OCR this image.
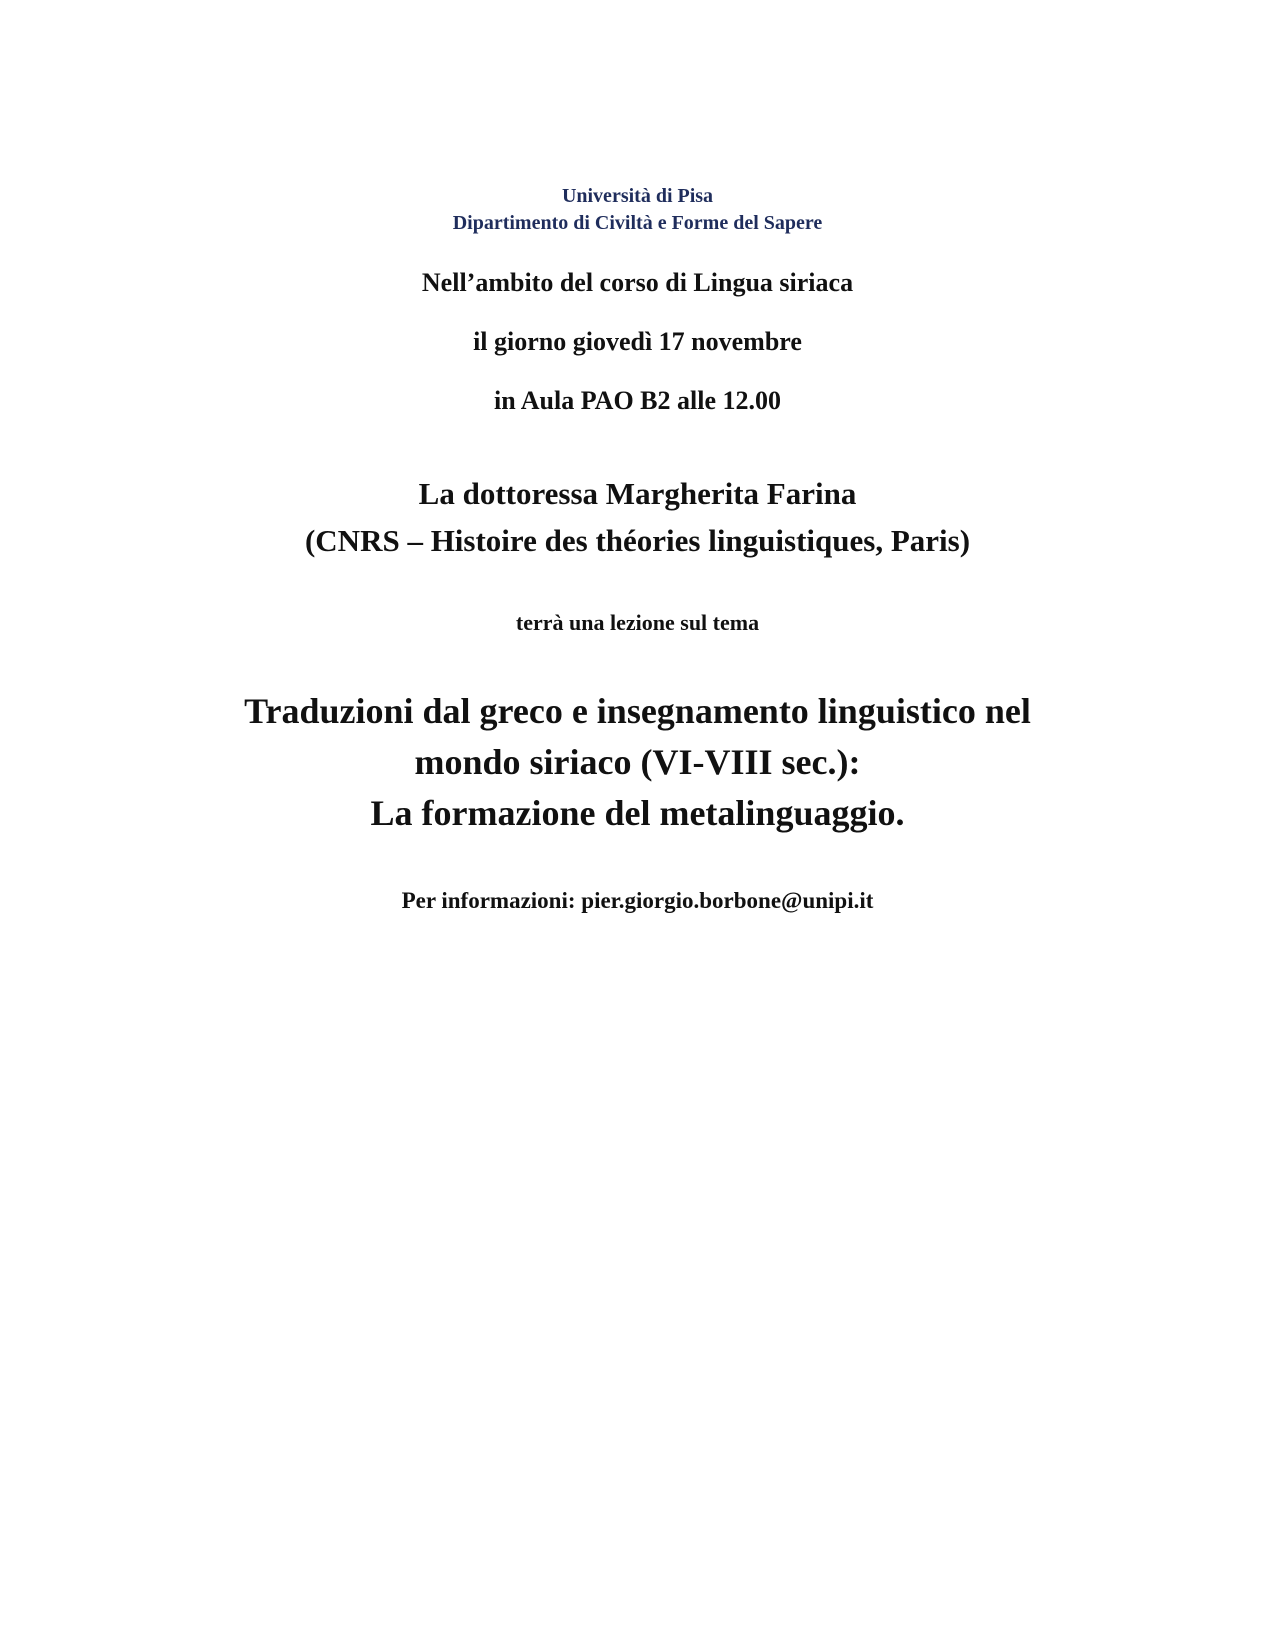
Università di Pisa
Dipartimento di Civiltà e Forme del Sapere
Nell’ambito del corso di Lingua siriaca
il giorno giovedì 17 novembre
in Aula PAO B2 alle 12.00
La dottoressa Margherita Farina
(CNRS – Histoire des théories linguistiques, Paris)
terrà una lezione sul tema
Traduzioni dal greco e insegnamento linguistico nel
mondo siriaco (VI-VIII sec.):
La formazione del metalinguaggio.
Per informazioni: pier.giorgio.borbone@unipi.it
